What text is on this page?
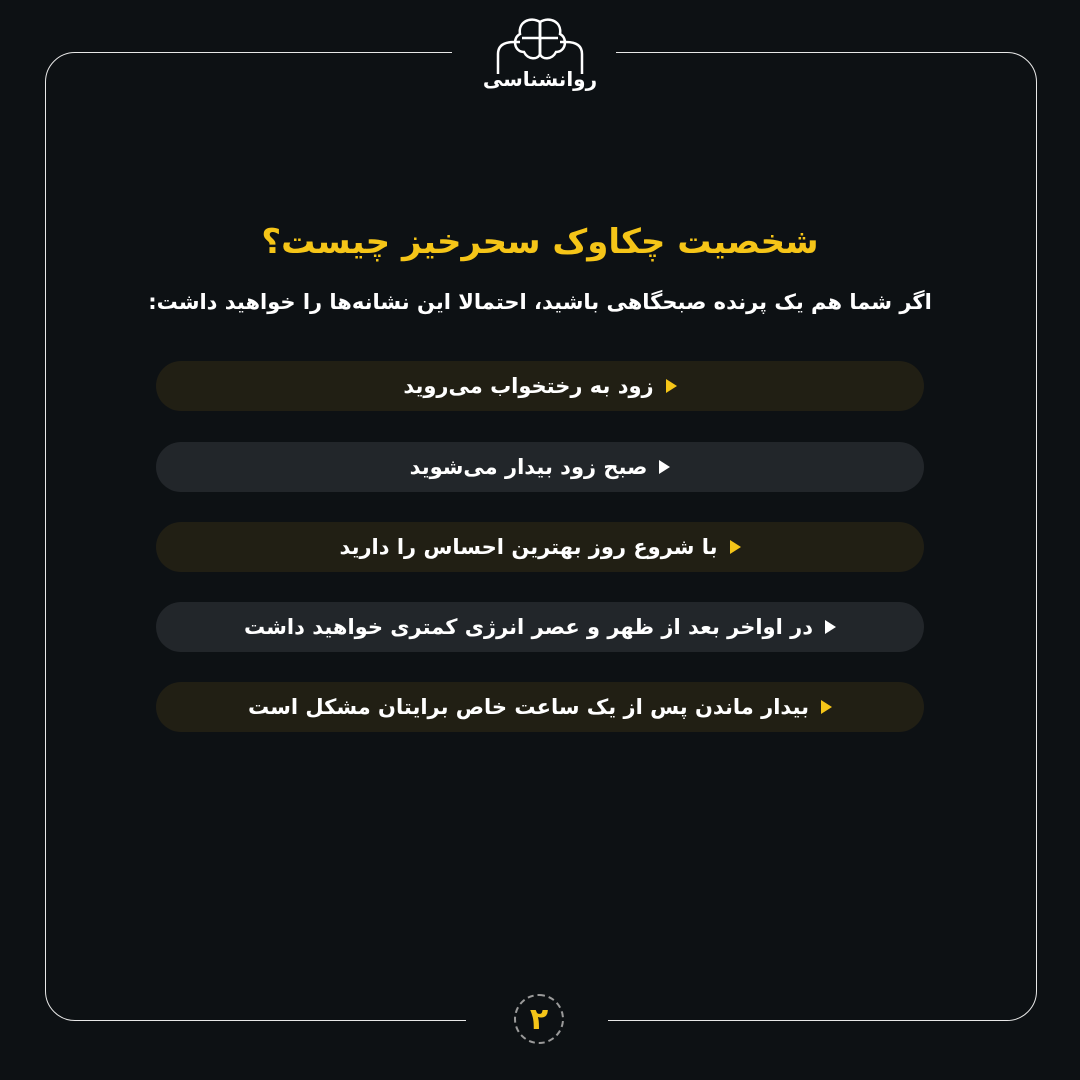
روانشناسی
شخصیت چکاوک سحرخیز چیست؟
اگر شما هم یک پرنده صبحگاهی باشید، احتمالا این نشانه‌ها را خواهید داشت:
زود به رختخواب می‌روید
صبح زود بیدار می‌شوید
با شروع روز بهترین احساس را دارید
در اواخر بعد از ظهر و عصر انرژی کمتری خواهید داشت
بیدار ماندن پس از یک ساعت خاص برایتان مشکل است
۲
